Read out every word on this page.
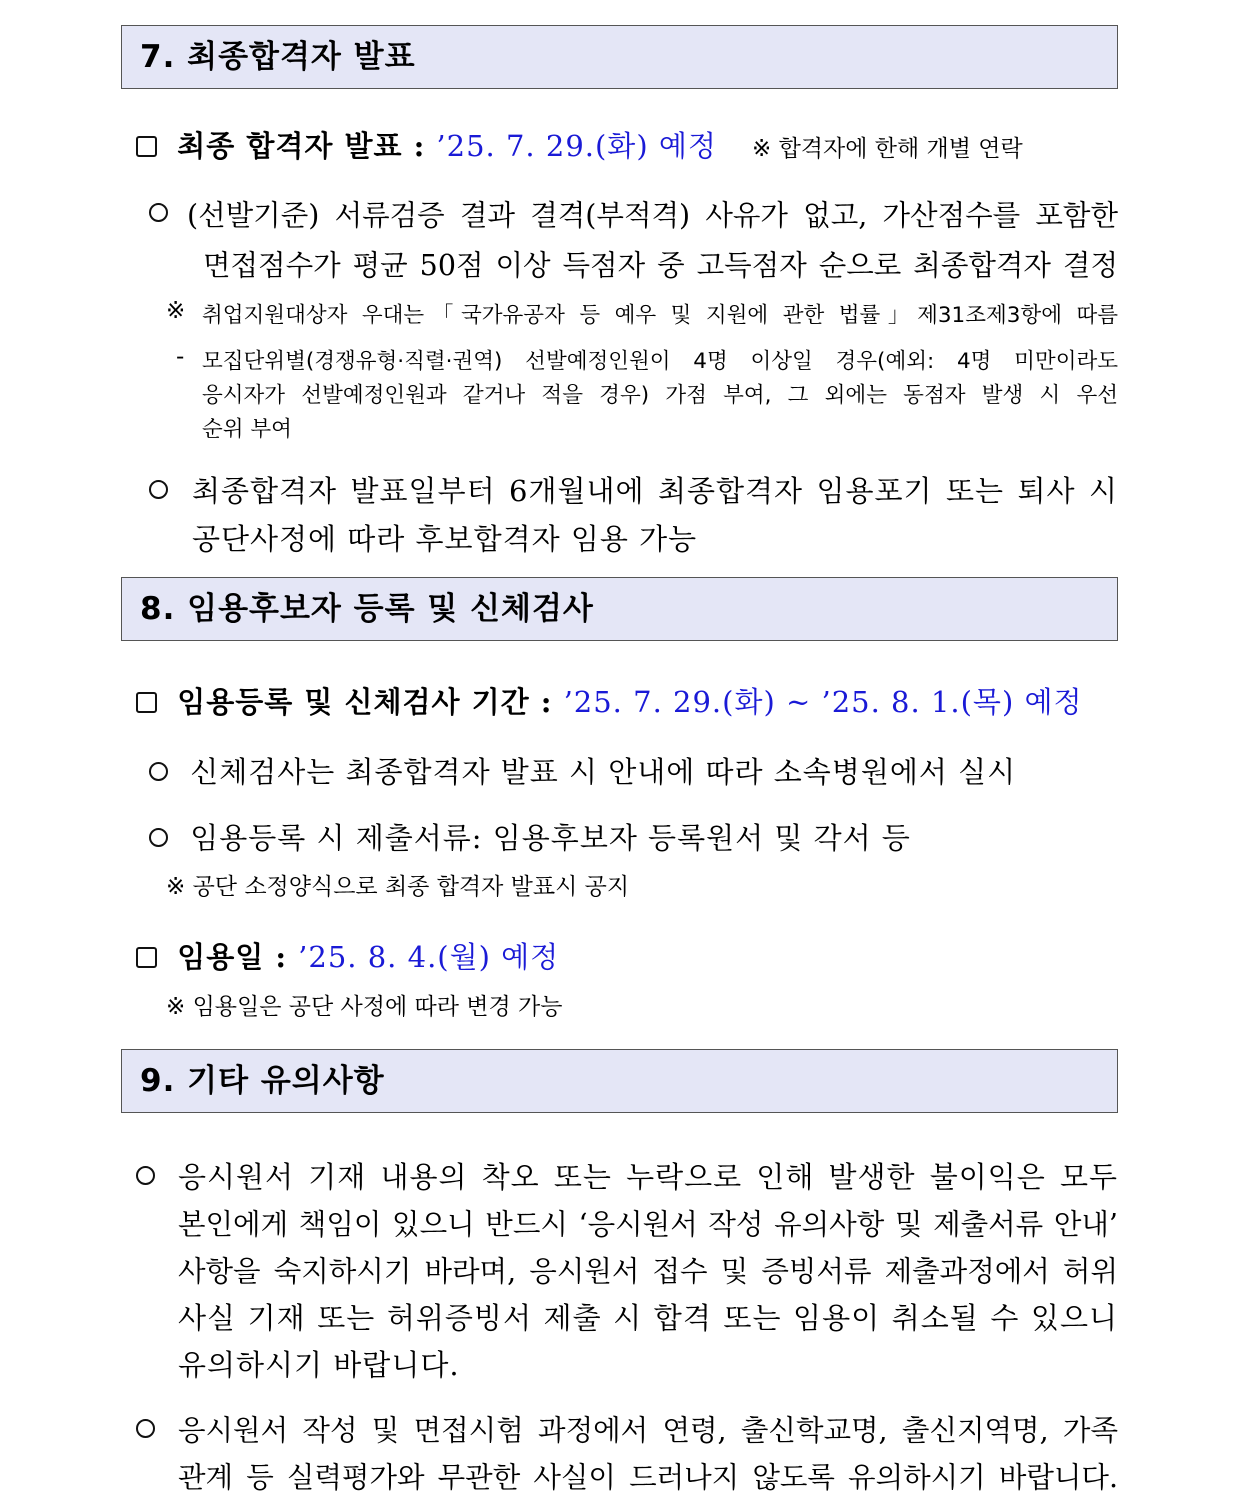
7. 최종합격자 발표
최종 합격자 발표 : ’25. 7. 29.(화) 예정 ※ 합격자에 한해 개별 연락
(선발기준) 서류검증 결과 결격(부적격) 사유가 없고, 가산점수를 포함한
면접점수가 평균 50점 이상 득점자 중 고득점자 순으로 최종합격자 결정
※ 취업지원대상자 우대는「국가유공자 등 예우 및 지원에 관한 법률」제31조제3항에 따름
- 모집단위별(경쟁유형·직렬·권역) 선발예정인원이 4명 이상일 경우(예외: 4명 미만이라도
응시자가 선발예정인원과 같거나 적을 경우) 가점 부여, 그 외에는 동점자 발생 시 우선
순위 부여
최종합격자 발표일부터 6개월내에 최종합격자 임용포기 또는 퇴사 시
공단사정에 따라 후보합격자 임용 가능
8. 임용후보자 등록 및 신체검사
임용등록 및 신체검사 기간 : ’25. 7. 29.(화) ~ ’25. 8. 1.(목) 예정
신체검사는 최종합격자 발표 시 안내에 따라 소속병원에서 실시
임용등록 시 제출서류: 임용후보자 등록원서 및 각서 등
※ 공단 소정양식으로 최종 합격자 발표시 공지
임용일 : ’25. 8. 4.(월) 예정
※ 임용일은 공단 사정에 따라 변경 가능
9. 기타 유의사항
응시원서 기재 내용의 착오 또는 누락으로 인해 발생한 불이익은 모두
본인에게 책임이 있으니 반드시 ‘응시원서 작성 유의사항 및 제출서류 안내’
사항을 숙지하시기 바라며, 응시원서 접수 및 증빙서류 제출과정에서 허위
사실 기재 또는 허위증빙서 제출 시 합격 또는 임용이 취소될 수 있으니
유의하시기 바랍니다.
응시원서 작성 및 면접시험 과정에서 연령, 출신학교명, 출신지역명, 가족
관계 등 실력평가와 무관한 사실이 드러나지 않도록 유의하시기 바랍니다.
